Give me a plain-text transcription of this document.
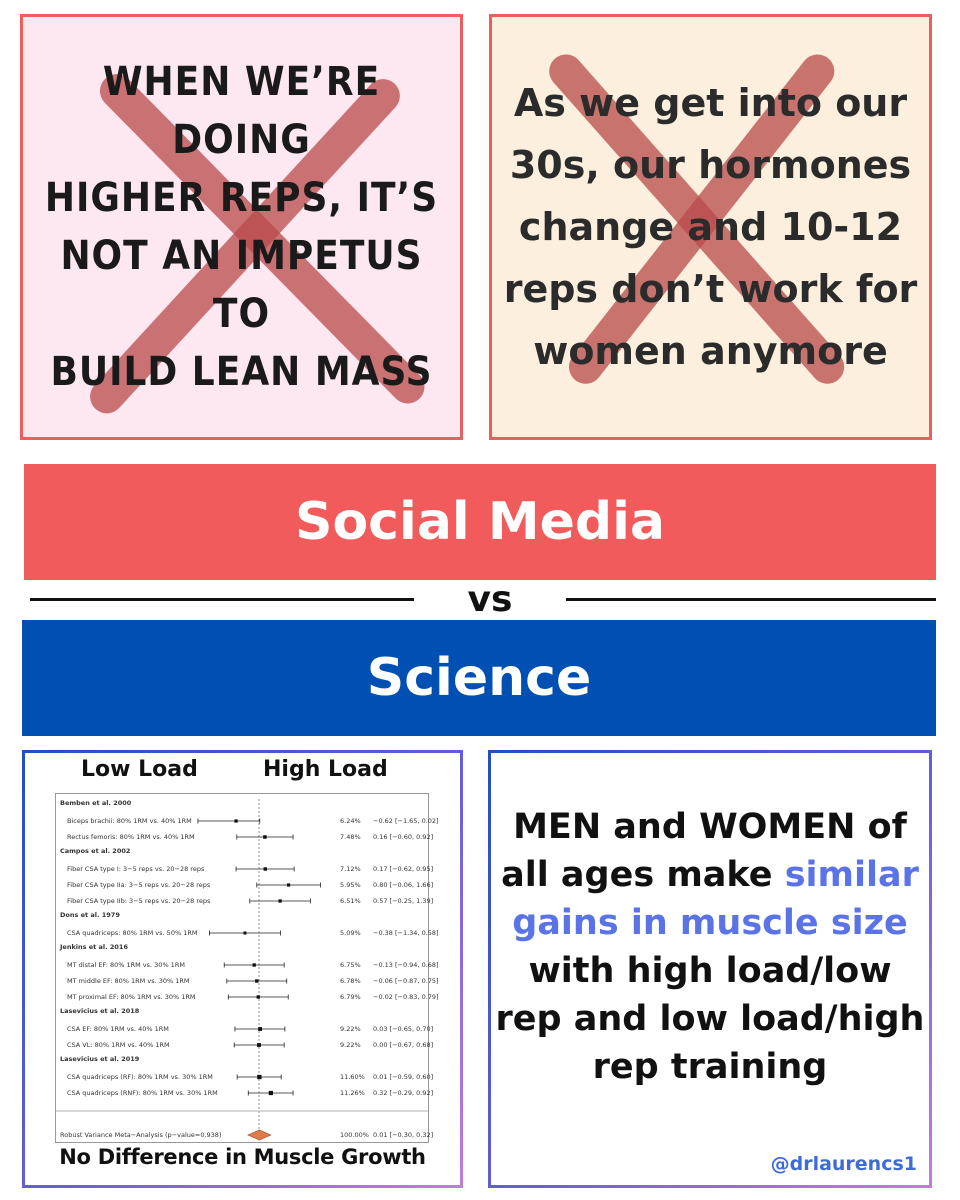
WHEN WE’RE DOING
HIGHER REPS, IT’S
NOT AN IMPETUS TO
BUILD LEAN MASS
As we get into our
30s, our hormones
change and 10-12
reps don’t work for
women anymore
Social Media
vs
Science
Low Load	High Load
Bemben et al. 2000
Biceps brachii: 80% 1RM vs. 40% 1RM	6.24% −0.62 [−1.65, 0.02]
Rectus femoris: 80% 1RM vs. 40% 1RM	7.48% 0.16 [−0.60, 0.92]
Campos et al. 2002
Fiber CSA type I: 3−5 reps vs. 20−28 reps	7.12% 0.17 [−0.62, 0.95]
Fiber CSA type IIa: 3−5 reps vs. 20−28 reps	5.95% 0.80 [−0.06, 1.66]
Fiber CSA type IIb: 3−5 reps vs. 20−28 reps	6.51% 0.57 [−0.25, 1.39]
Dons et al. 1979
CSA quadriceps: 80% 1RM vs. 50% 1RM	5.09% −0.38 [−1.34, 0.58]
Jenkins et al. 2016
MT distal EF: 80% 1RM vs. 30% 1RM	6.75% −0.13 [−0.94, 0.68]
MT middle EF: 80% 1RM vs. 30% 1RM	6.78% −0.06 [−0.87, 0.75]
MT proximal EF: 80% 1RM vs. 30% 1RM	6.79% −0.02 [−0.83, 0.79]
Lasevicius et al. 2018
CSA EF: 80% 1RM vs. 40% 1RM	9.22% 0.03 [−0.65, 0.70]
CSA VL: 80% 1RM vs. 40% 1RM	9.22% 0.00 [−0.67, 0.68]
Lasevicius et al. 2019
CSA quadriceps (RF): 80% 1RM vs. 30% 1RM	11.60% 0.01 [−0.59, 0.60]
CSA quadriceps (RNF): 80% 1RM vs. 30% 1RM	11.26% 0.32 [−0.29, 0.92]
Robust Variance Meta−Analysis (p−value=0.938)	100.00% 0.01 [−0.30, 0.32]
No Difference in Muscle Growth
MEN and WOMEN of all ages make similar gains in muscle size with high load/low rep and low load/high rep training
@drlaurencs1
